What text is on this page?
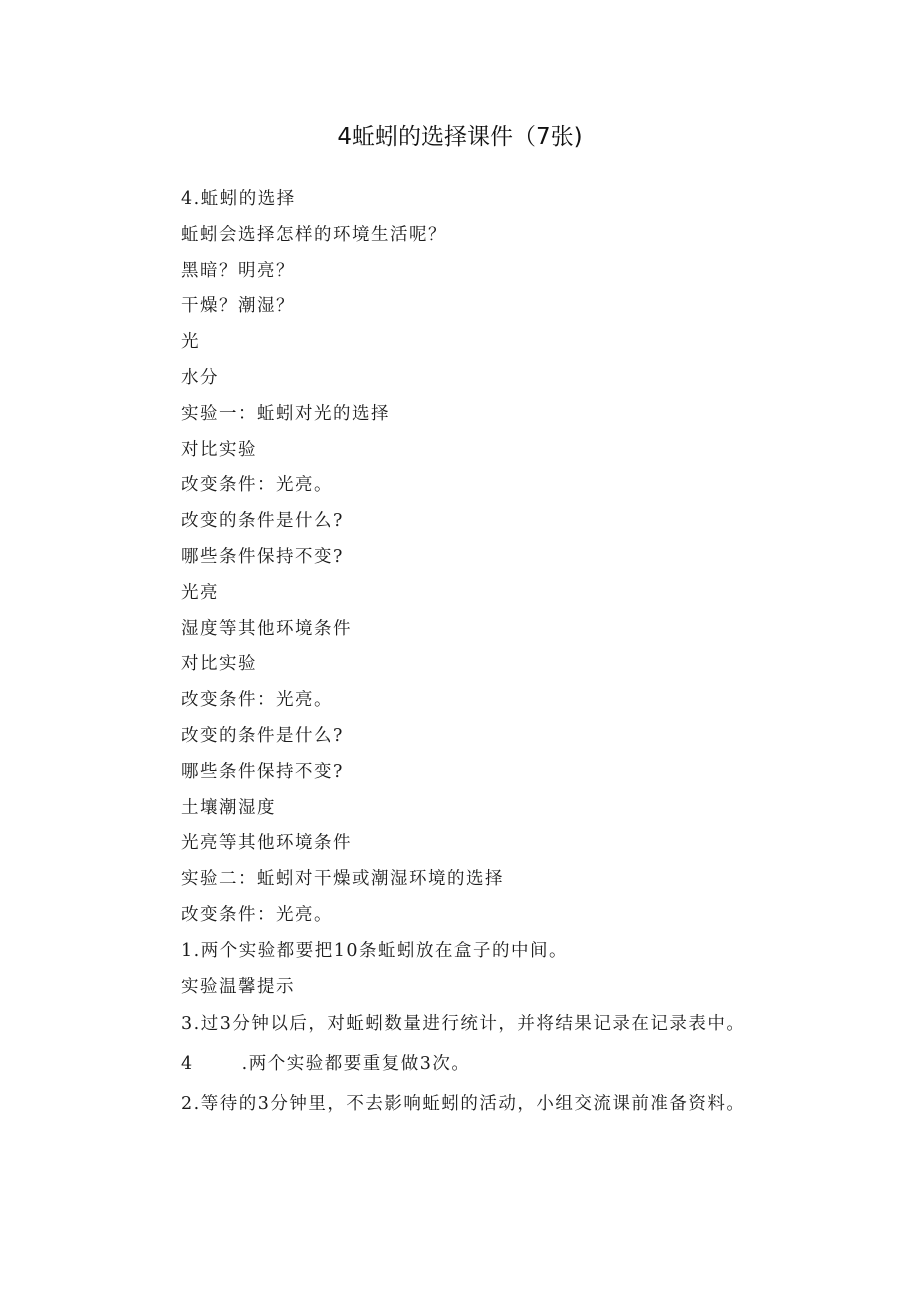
4蚯蚓的选择课件（7张)

4.蚯蚓的选择

蚯蚓会选择怎样的环境生活呢？

黑暗？明亮？

干燥？潮湿？

光

水分

实验一：蚯蚓对光的选择

对比实验

改变条件：光亮。

改变的条件是什么?

哪些条件保持不变?

光亮

湿度等其他环境条件

对比实验

改变条件：光亮。

改变的条件是什么?

哪些条件保持不变?

土壤潮湿度

光亮等其他环境条件

实验二：蚯蚓对干燥或潮湿环境的选择

改变条件：光亮。

1.两个实验都要把10条蚯蚓放在盒子的中间。

实验温馨提示

3.过3分钟以后，对蚯蚓数量进行统计，并将结果记录在记录表中。

4	.两个实验都要重复做3次。

2.等待的3分钟里，不去影响蚯蚓的活动，小组交流课前准备资料。
